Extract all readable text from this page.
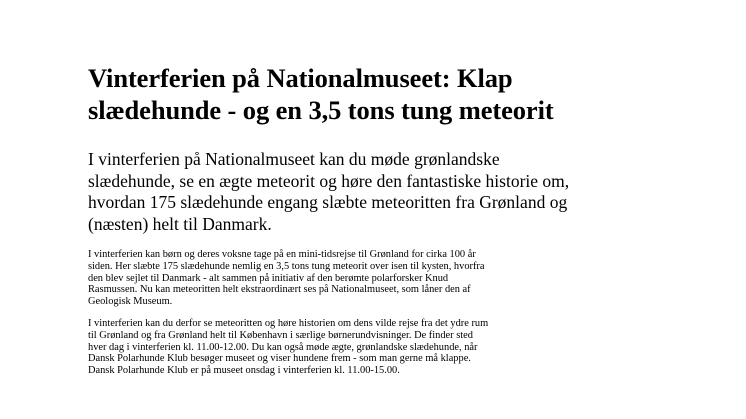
Vinterferien på Nationalmuseet: Klap
slædehunde - og en 3,5 tons tung meteorit

I vinterferien på Nationalmuseet kan du møde grønlandske
slædehunde, se en ægte meteorit og høre den fantastiske historie om,
hvordan 175 slædehunde engang slæbte meteoritten fra Grønland og
(næsten) helt til Danmark.

I vinterferien kan børn og deres voksne tage på en mini-tidsrejse til Grønland for cirka 100 år
siden. Her slæbte 175 slædehunde nemlig en 3,5 tons tung meteorit over isen til kysten, hvorfra
den blev sejlet til Danmark - alt sammen på initiativ af den berømte polarforsker Knud
Rasmussen. Nu kan meteoritten helt ekstraordinært ses på Nationalmuseet, som låner den af
Geologisk Museum.

I vinterferien kan du derfor se meteoritten og høre historien om dens vilde rejse fra det ydre rum
til Grønland og fra Grønland helt til København i særlige børnerundvisninger. De finder sted
hver dag i vinterferien kl. 11.00-12.00. Du kan også møde ægte, grønlandske slædehunde, når
Dansk Polarhunde Klub besøger museet og viser hundene frem - som man gerne må klappe.
Dansk Polarhunde Klub er på museet onsdag i vinterferien kl. 11.00-15.00.
